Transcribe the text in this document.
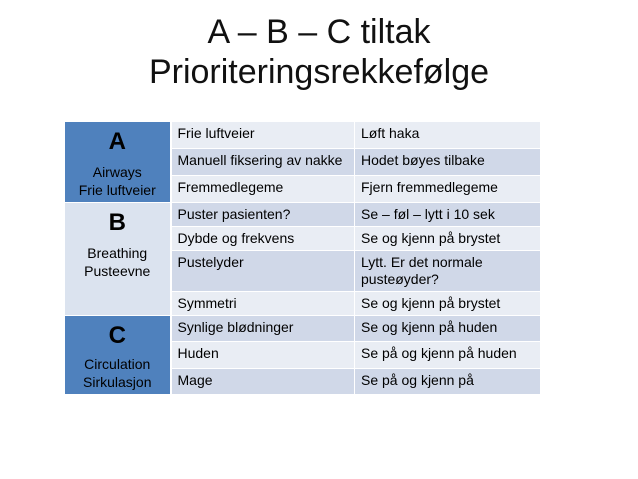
A – B – C tiltak
Prioriteringsrekkefølge
A
Airways
Frie luftveier	Frie luftveier	Løft haka
	Manuell fiksering av nakke	Hodet bøyes tilbake
	Fremmedlegeme	Fjern fremmedlegeme

B
Breathing
Pusteevne	Puster pasienten?	Se – føl – lytt i 10 sek
	Dybde og frekvens	Se og kjenn på brystet
	Pustelyder	Lytt. Er det normale pusteøyder?
	Symmetri	Se og kjenn på brystet

C
Circulation
Sirkulasjon	Synlige blødninger	Se og kjenn på huden
	Huden	Se på og kjenn på huden
	Mage	Se på og kjenn på
